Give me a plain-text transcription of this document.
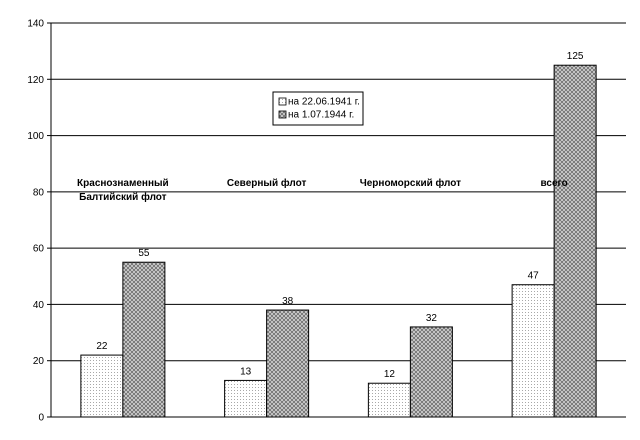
0
20
40
60
80
100
120
140
22
55
13
38
12
32
47
125
Краснознаменный Балтийский флот
Северный флот	Черноморский флот	всего
на 22.06.1941 г.
на 1.07.1944 г.
